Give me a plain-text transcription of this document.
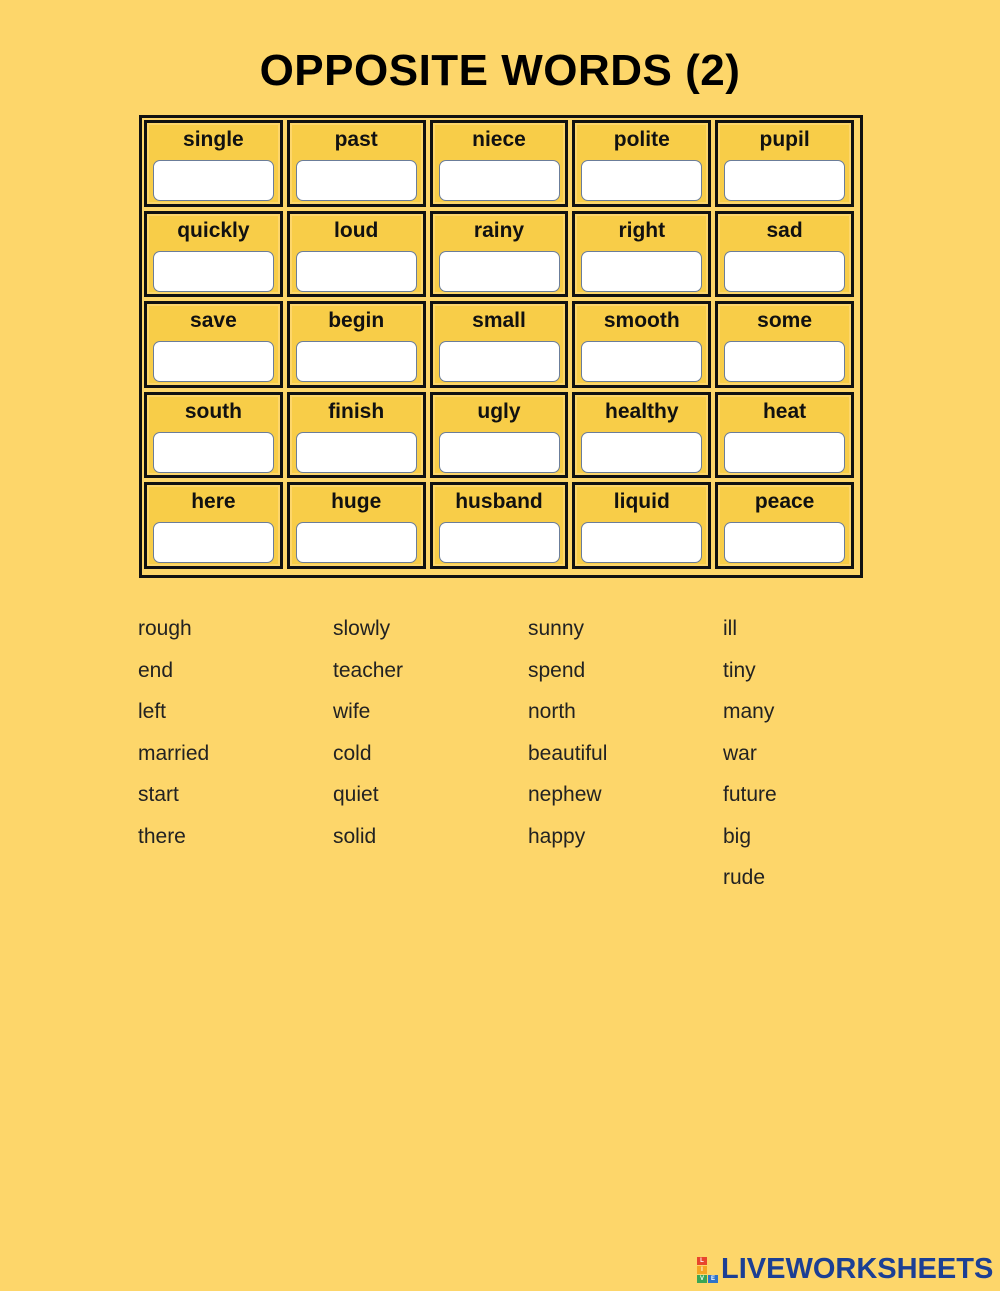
OPPOSITE WORDS (2)
single	past	niece	polite	pupil
quickly	loud	rainy	right	sad
save	begin	small	smooth	some
south	finish	ugly	healthy	heat
here	huge	husband	liquid	peace
rough
end
left
married
start
there
slowly
teacher
wife
cold
quiet
solid
sunny
spend
north
beautiful
nephew
happy
ill
tiny
many
war
future
big
rude
L
I
V	E LIVEWORKSHEETS
